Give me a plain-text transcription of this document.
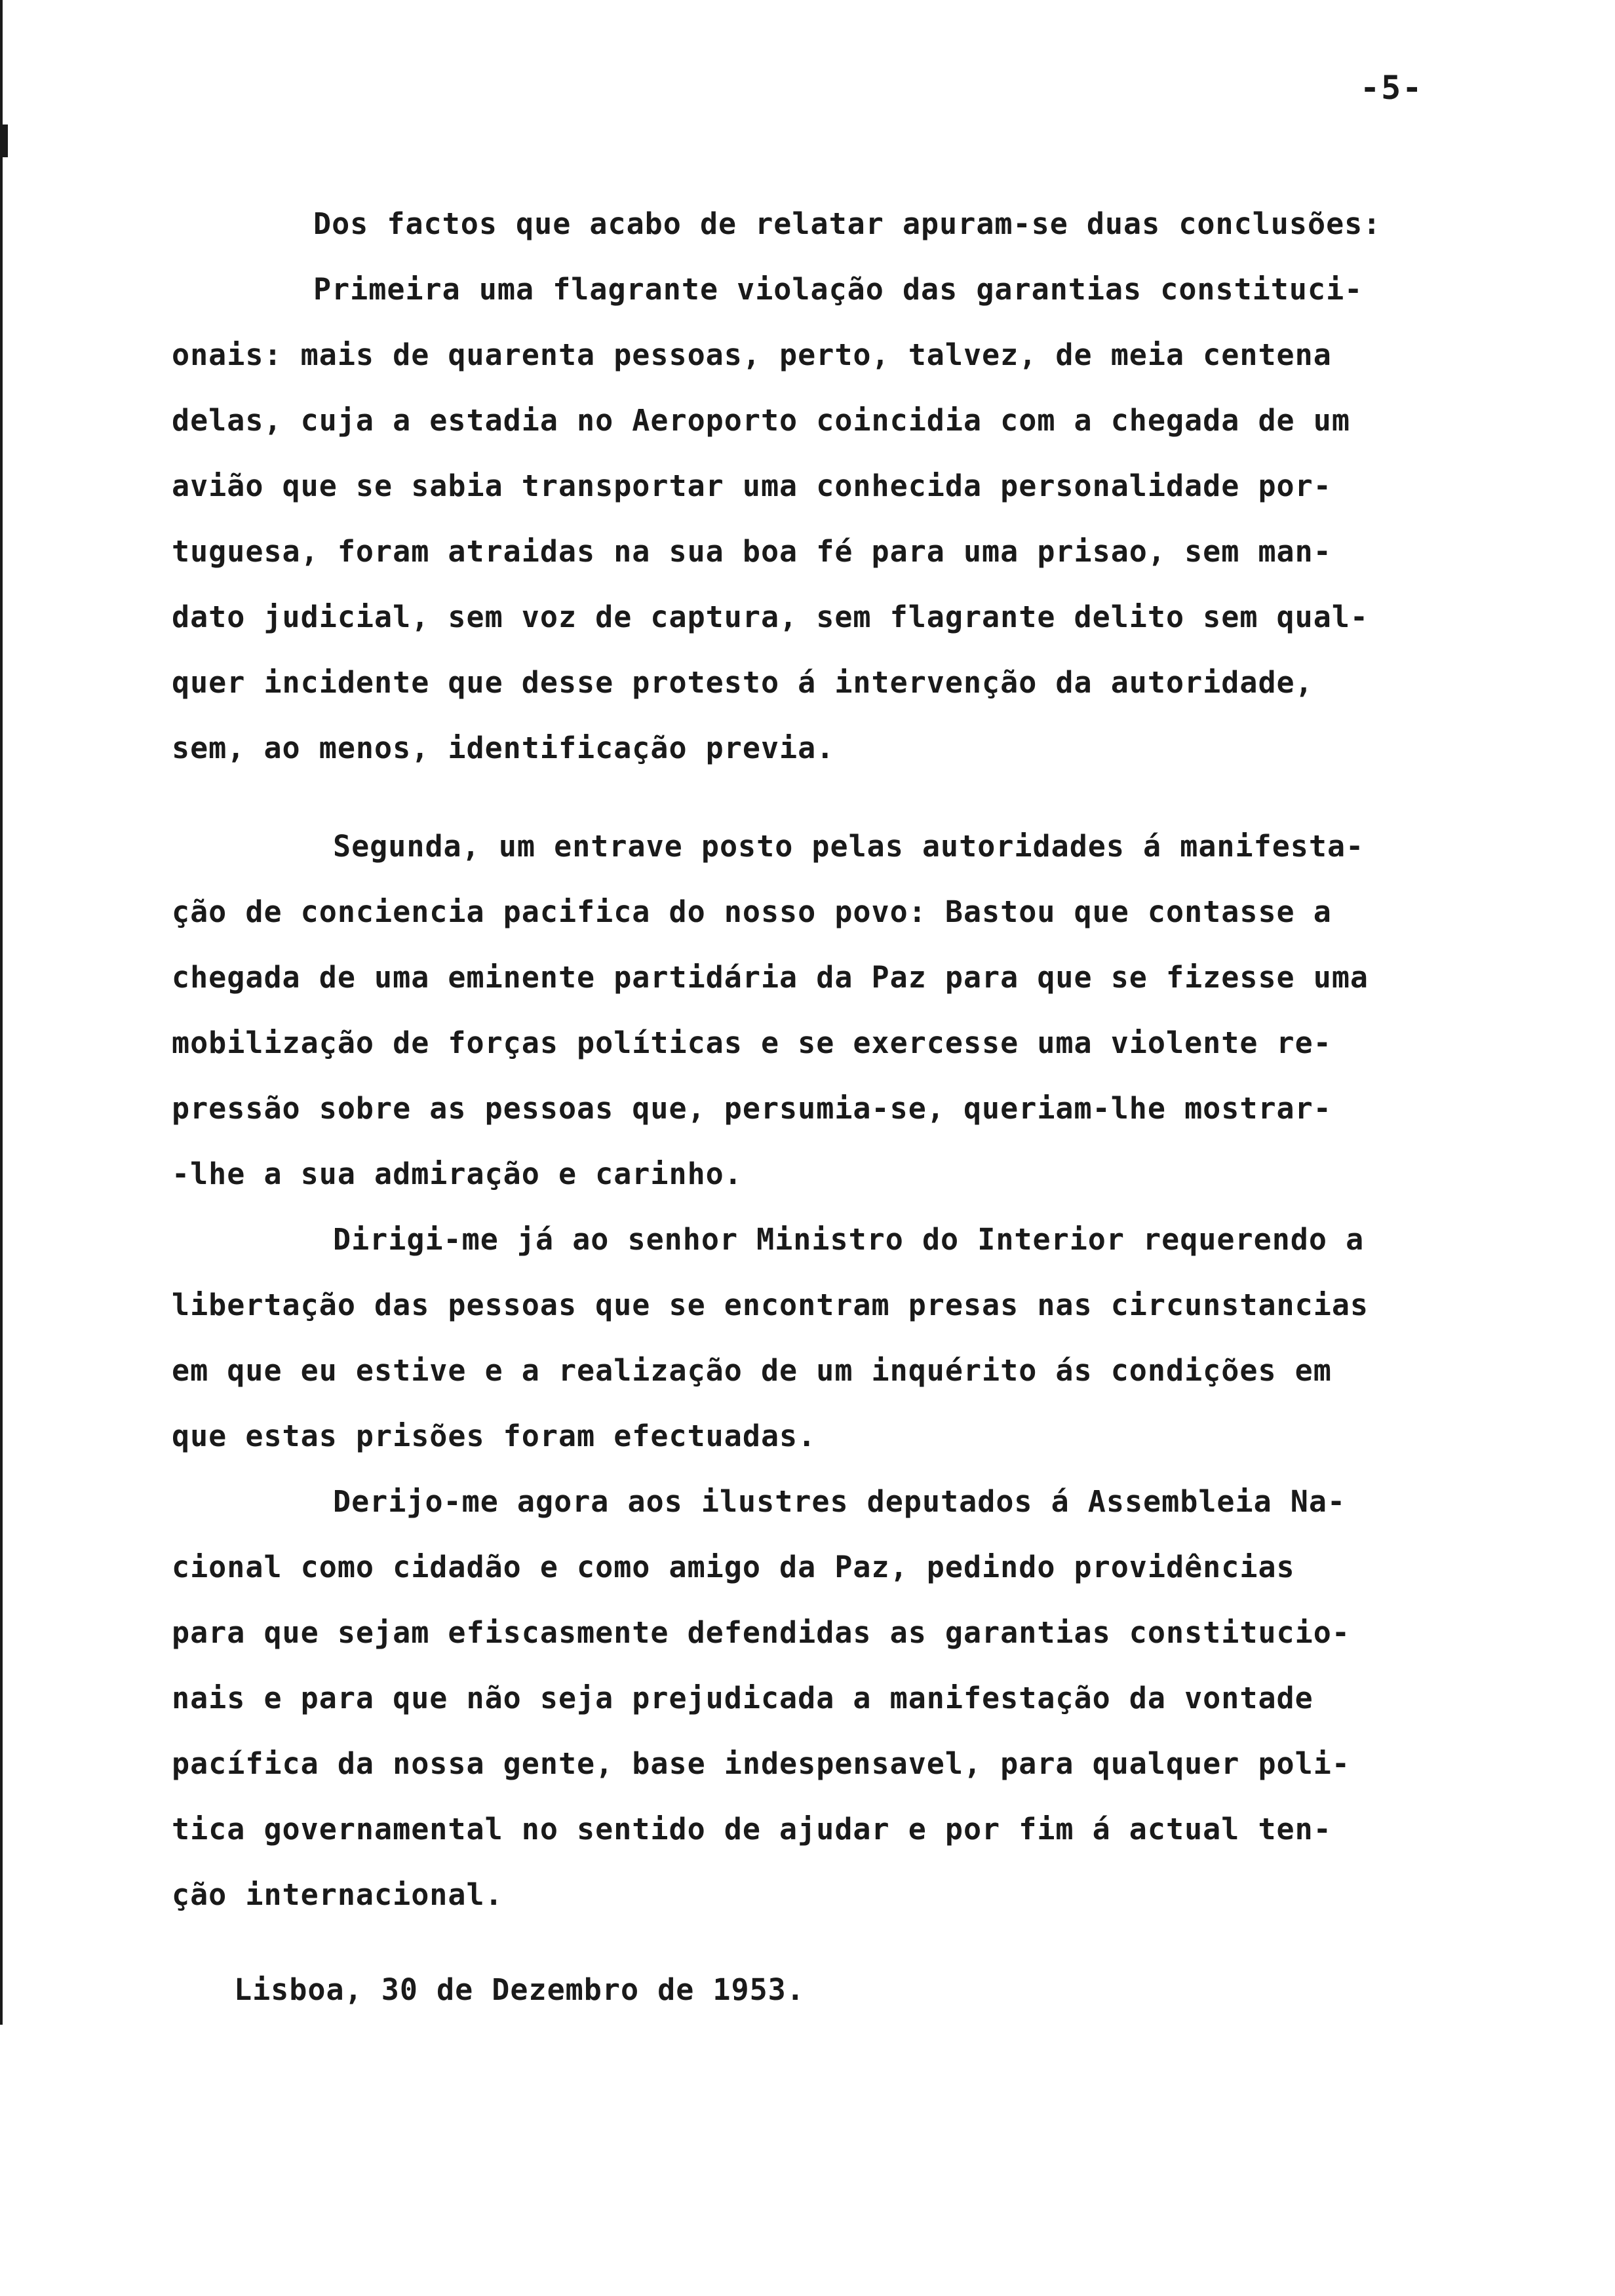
-5-
Dos factos que acabo de relatar apuram-se duas conclusões:
Primeira uma flagrante violação das garantias constituci-
onais: mais de quarenta pessoas, perto, talvez, de meia centena
delas, cuja a estadia no Aeroporto coincidia com a chegada de um
avião que se sabia transportar uma conhecida personalidade por-
tuguesa, foram atraidas na sua boa fé para uma prisao, sem man-
dato judicial, sem voz de captura, sem flagrante delito sem qual-
quer incidente que desse protesto á intervenção da autoridade,
sem, ao menos, identificação previa.
Segunda, um entrave posto pelas autoridades á manifesta-
ção de conciencia pacifica do nosso povo: Bastou que contasse a
chegada de uma eminente partidária da Paz para que se fizesse uma
mobilização de forças políticas e se exercesse uma violente re-
pressão sobre as pessoas que, persumia-se, queriam-lhe mostrar-
-lhe a sua admiração e carinho.
Dirigi-me já ao senhor Ministro do Interior requerendo a
libertação das pessoas que se encontram presas nas circunstancias
em que eu estive e a realização de um inquérito ás condições em
que estas prisões foram efectuadas.
Derijo-me agora aos ilustres deputados á Assembleia Na-
cional como cidadão e como amigo da Paz, pedindo providências
para que sejam efiscasmente defendidas as garantias constitucio-
nais e para que não seja prejudicada a manifestação da vontade
pacífica da nossa gente, base indespensavel, para qualquer poli-
tica governamental no sentido de ajudar e por fim á actual ten-
ção internacional.
Lisboa, 30 de Dezembro de 1953.
